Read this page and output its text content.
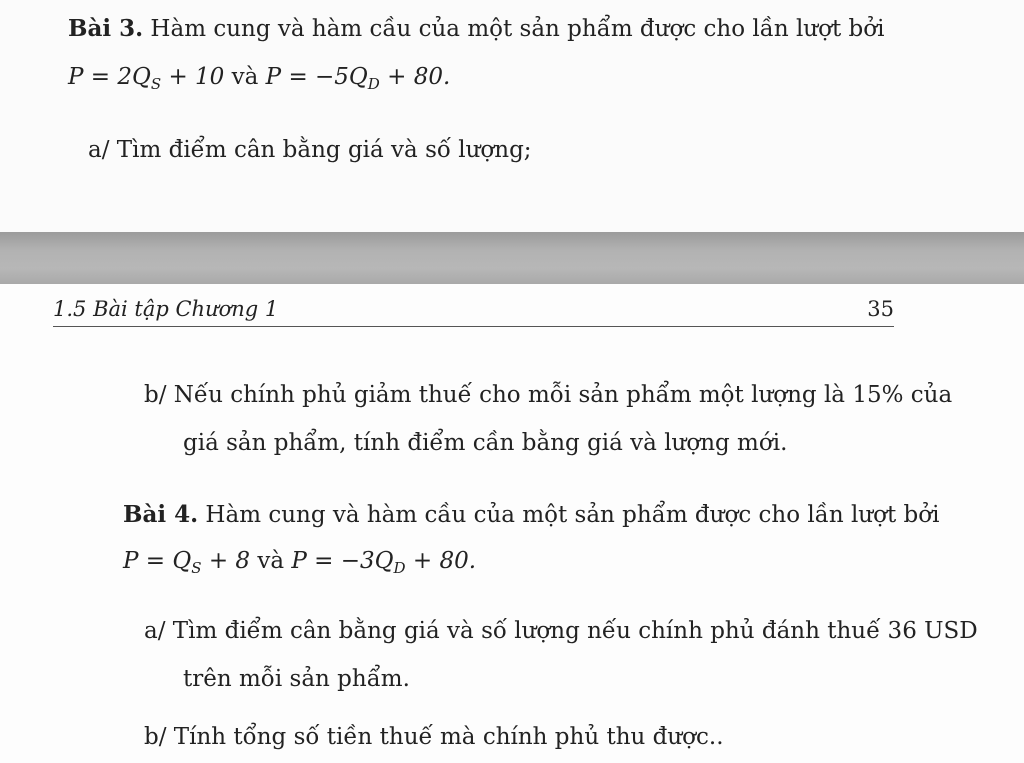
Bài 3. Hàm cung và hàm cầu của một sản phẩm được cho lần lượt bởi
$P = 2Q_S + 10$ và $P = -5Q_D + 80$.
a/ Tìm điểm cân bằng giá và số lượng;
1.5 Bài tập Chương 1	35
b/ Nếu chính phủ giảm thuế cho mỗi sản phẩm một lượng là 15% của
giá sản phẩm, tính điểm cần bằng giá và lượng mới.
Bài 4. Hàm cung và hàm cầu của một sản phẩm được cho lần lượt bởi
$P = Q_S + 8$ và $P = -3Q_D + 80$.
a/ Tìm điểm cân bằng giá và số lượng nếu chính phủ đánh thuế 36 USD
trên mỗi sản phẩm.
b/ Tính tổng số tiền thuế mà chính phủ thu được..
